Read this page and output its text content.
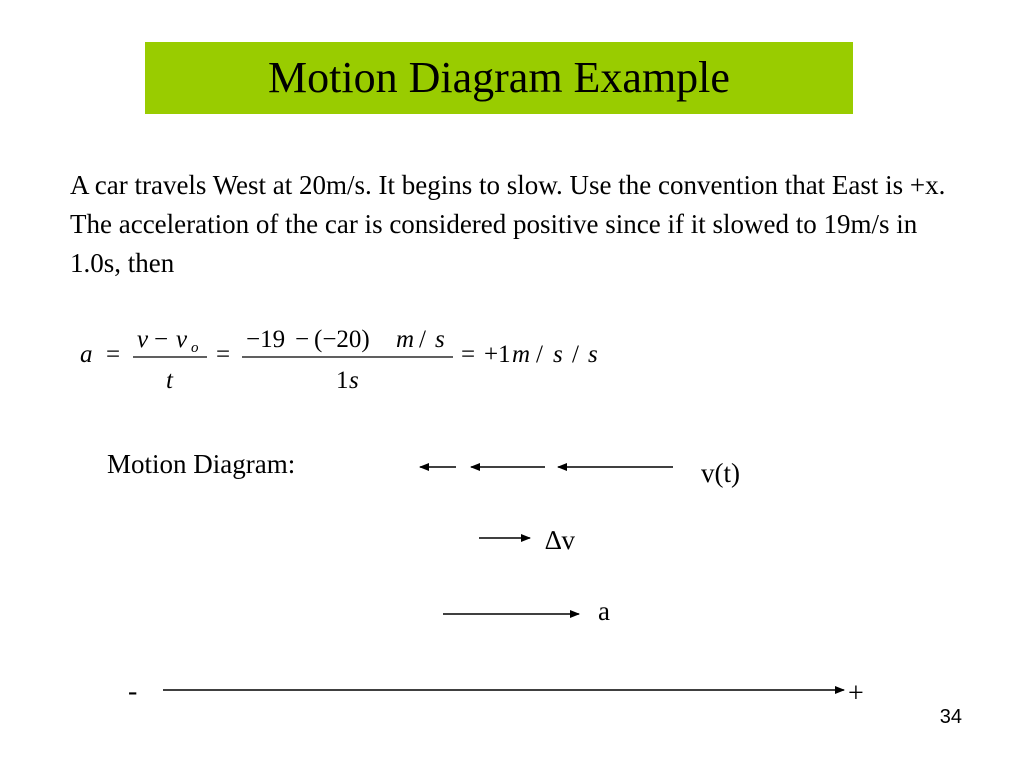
Motion Diagram Example
A car travels West at 20m/s. It begins to slow. Use the convention that East is +x. The acceleration of the car is considered positive since if it slowed to 19m/s in 1.0s, then
a =
v − v o
t
=
−19 − (−20) m / s
1 s
= +1 m / s / s
Motion Diagram:	v(t)
∆v
a
-	+
34
